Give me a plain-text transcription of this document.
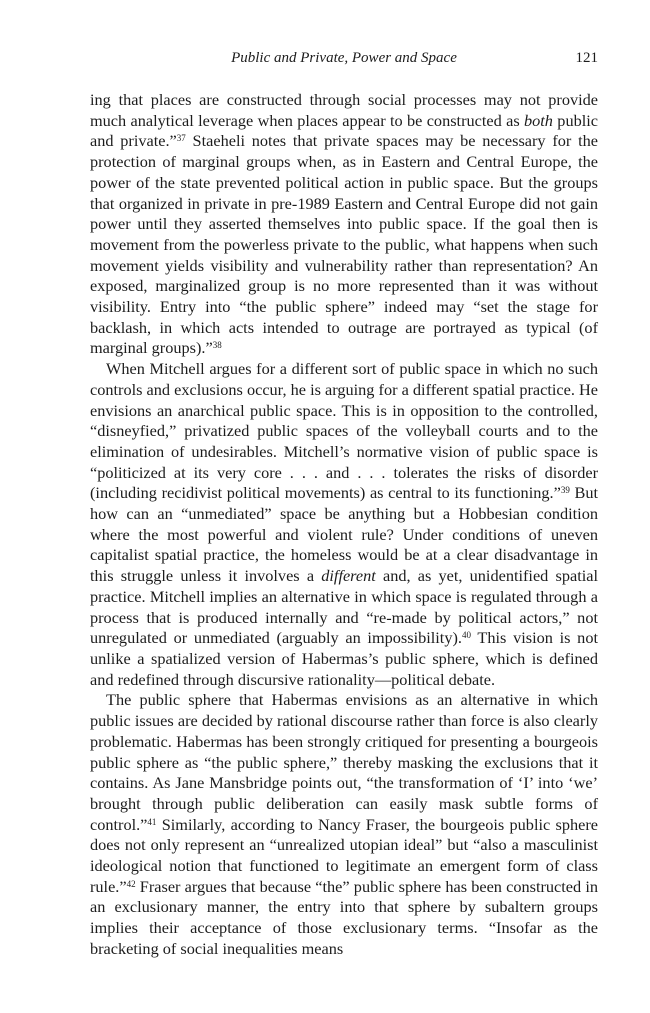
Public and Private, Power and Space	121

ing that places are constructed through social processes may not provide much analytical leverage when places appear to be constructed as both public and private.”$^{37}$ Staeheli notes that private spaces may be necessary for the protection of marginal groups when, as in Eastern and Central Europe, the power of the state prevented political action in public space. But the groups that organized in private in pre-1989 Eastern and Central Europe did not gain power until they asserted themselves into public space. If the goal then is movement from the powerless private to the public, what happens when such movement yields visibility and vulnerability rather than representation? An exposed, marginalized group is no more represented than it was without visibility. Entry into “the public sphere” indeed may “set the stage for backlash, in which acts intended to outrage are portrayed as typical (of marginal groups).”$^{38}$

When Mitchell argues for a different sort of public space in which no such controls and exclusions occur, he is arguing for a different spatial practice. He envisions an anarchical public space. This is in opposition to the controlled, “disneyfied,” privatized public spaces of the volleyball courts and to the elimination of undesirables. Mitchell’s normative vision of public space is “politicized at its very core . . . and . . . tolerates the risks of disorder (including recidivist political movements) as central to its functioning.”$^{39}$ But how can an “unmediated” space be anything but a Hobbesian condition where the most powerful and violent rule? Under conditions of uneven capitalist spatial practice, the homeless would be at a clear disadvantage in this struggle unless it involves a different and, as yet, unidentified spatial practice. Mitchell implies an alternative in which space is regulated through a process that is produced internally and “re-made by political actors,” not unregulated or unmediated (arguably an impossibility).$^{40}$ This vision is not unlike a spatialized version of Habermas’s public sphere, which is defined and redefined through discursive rationality—political debate.

The public sphere that Habermas envisions as an alternative in which public issues are decided by rational discourse rather than force is also clearly problematic. Habermas has been strongly critiqued for presenting a bourgeois public sphere as “the public sphere,” thereby masking the exclusions that it contains. As Jane Mansbridge points out, “the transformation of ‘I’ into ‘we’ brought through public deliberation can easily mask subtle forms of control.”$^{41}$ Similarly, according to Nancy Fraser, the bourgeois public sphere does not only represent an “unrealized utopian ideal” but “also a masculinist ideological notion that functioned to legitimate an emergent form of class rule.”$^{42}$ Fraser argues that because “the” public sphere has been constructed in an exclusionary manner, the entry into that sphere by subaltern groups implies their acceptance of those exclusionary terms. “Insofar as the bracketing of social inequalities means
